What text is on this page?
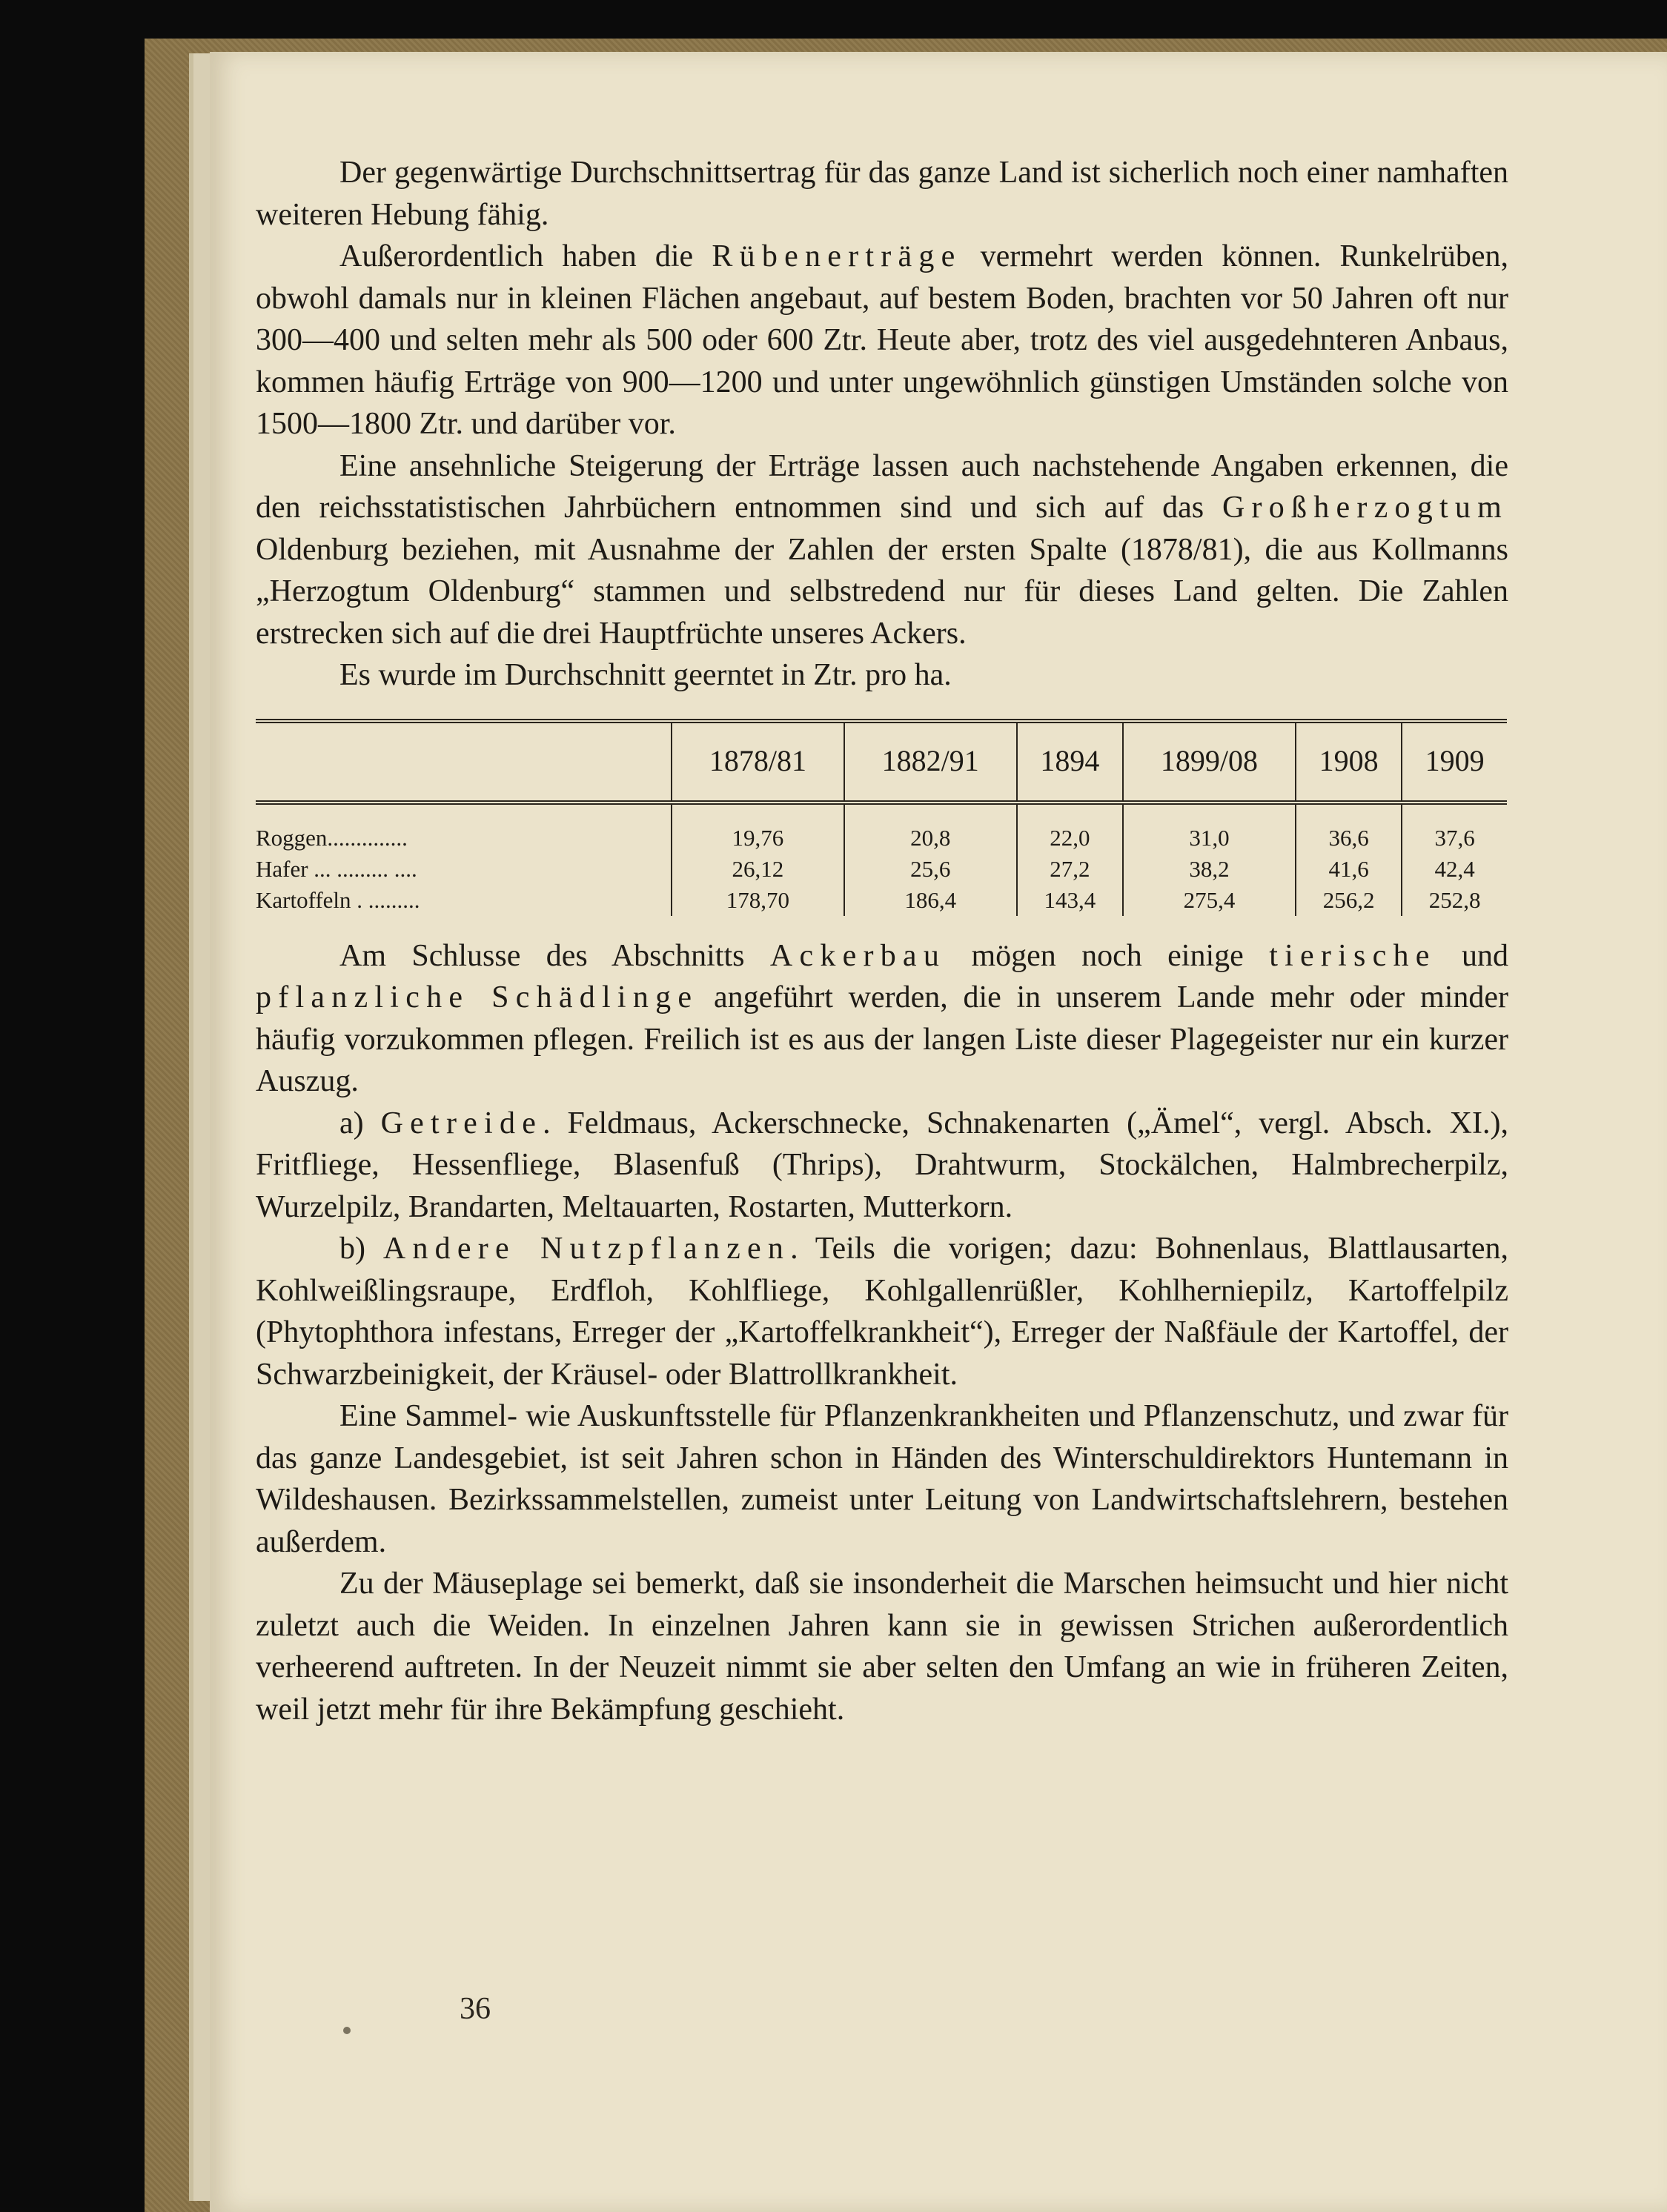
Der gegenwärtige Durchschnittsertrag für das ganze Land ist sicherlich noch einer namhaften weiteren Hebung fähig.

Außerordentlich haben die Rübenerträge vermehrt werden können. Runkelrüben, obwohl damals nur in kleinen Flächen angebaut, auf bestem Boden, brachten vor 50 Jahren oft nur 300—400 und selten mehr als 500 oder 600 Ztr. Heute aber, trotz des viel ausgedehnteren Anbaus, kommen häufig Erträge von 900—1200 und unter ungewöhnlich günstigen Umständen solche von 1500—1800 Ztr. und darüber vor.

Eine ansehnliche Steigerung der Erträge lassen auch nachstehende Angaben erkennen, die den reichsstatistischen Jahrbüchern entnommen sind und sich auf das Großherzogtum Oldenburg beziehen, mit Ausnahme der Zahlen der ersten Spalte (1878/81), die aus Kollmanns „Herzogtum Oldenburg“ stammen und selbstredend nur für dieses Land gelten. Die Zahlen erstrecken sich auf die drei Hauptfrüchte unseres Ackers.

Es wurde im Durchschnitt geerntet in Ztr. pro ha.

	1878/81	1882/91	1894	1899/08	1908	1909
Roggen..............	19,76	20,8	22,0	31,0	36,6	37,6
Hafer ... ......... ....	26,12	25,6	27,2	38,2	41,6	42,4
Kartoffeln . .........	178,70	186,4	143,4	275,4	256,2	252,8

Am Schlusse des Abschnitts Ackerbau mögen noch einige tierische und pflanzliche Schädlinge angeführt werden, die in unserem Lande mehr oder minder häufig vorzukommen pflegen. Freilich ist es aus der langen Liste dieser Plagegeister nur ein kurzer Auszug.

a) Getreide. Feldmaus, Ackerschnecke, Schnakenarten („Ämel“, vergl. Absch. XI.), Fritfliege, Hessenfliege, Blasenfuß (Thrips), Drahtwurm, Stockälchen, Halmbrecherpilz, Wurzelpilz, Brandarten, Meltauarten, Rostarten, Mutterkorn.

b) Andere Nutzpflanzen. Teils die vorigen; dazu: Bohnenlaus, Blattlausarten, Kohlweißlingsraupe, Erdfloh, Kohlfliege, Kohlgallenrüßler, Kohlherniepilz, Kartoffelpilz (Phytophthora infestans, Erreger der „Kartoffelkrankheit“), Erreger der Naßfäule der Kartoffel, der Schwarzbeinigkeit, der Kräusel- oder Blattrollkrankheit.

Eine Sammel- wie Auskunftsstelle für Pflanzenkrankheiten und Pflanzenschutz, und zwar für das ganze Landesgebiet, ist seit Jahren schon in Händen des Winterschuldirektors Huntemann in Wildeshausen. Bezirkssammelstellen, zumeist unter Leitung von Landwirtschaftslehrern, bestehen außerdem.

Zu der Mäuseplage sei bemerkt, daß sie insonderheit die Marschen heimsucht und hier nicht zuletzt auch die Weiden. In einzelnen Jahren kann sie in gewissen Strichen außerordentlich verheerend auftreten. In der Neuzeit nimmt sie aber selten den Umfang an wie in früheren Zeiten, weil jetzt mehr für ihre Bekämpfung geschieht.

36
